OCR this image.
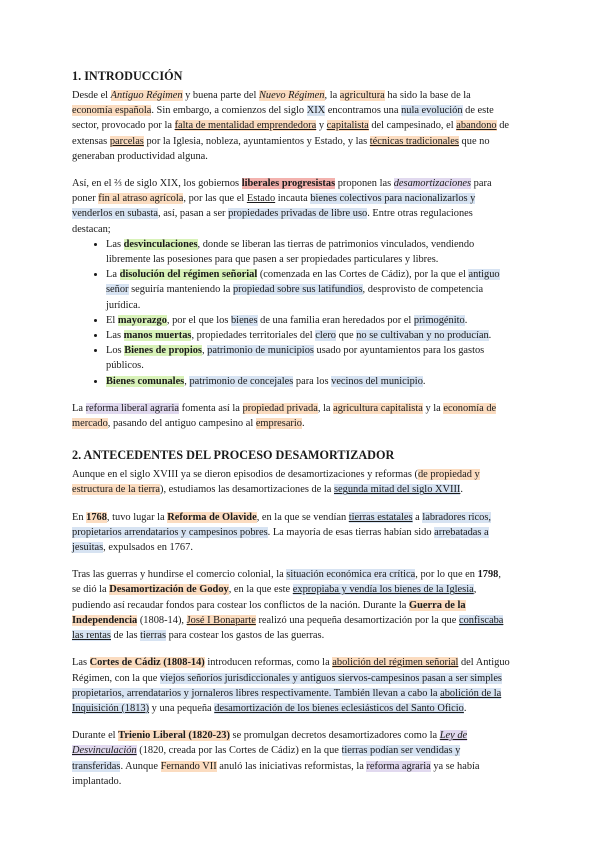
1. INTRODUCCIÓN

Desde el Antiguo Régimen y buena parte del Nuevo Régimen, la agricultura ha sido la base de la economía española. Sin embargo, a comienzos del siglo XIX encontramos una nula evolución de este sector, provocado por la falta de mentalidad emprendedora y capitalista del campesinado, el abandono de extensas parcelas por la Iglesia, nobleza, ayuntamientos y Estado, y las técnicas tradicionales que no generaban productividad alguna.

Así, en el ⅔ de siglo XIX, los gobiernos liberales progresistas proponen las desamortizaciones para poner fin al atraso agrícola, por las que el Estado incauta bienes colectivos para nacionalizarlos y venderlos en subasta, así, pasan a ser propiedades privadas de libre uso. Entre otras regulaciones destacan;

• Las desvinculaciones, donde se liberan las tierras de patrimonios vinculados, vendiendo libremente las posesiones para que pasen a ser propiedades particulares y libres.
• La disolución del régimen señorial (comenzada en las Cortes de Cádiz), por la que el antiguo señor seguiría manteniendo la propiedad sobre sus latifundios, desprovisto de competencia jurídica.
• El mayorazgo, por el que los bienes de una familia eran heredados por el primogénito.
• Las manos muertas, propiedades territoriales del clero que no se cultivaban y no producían.
• Los Bienes de propios, patrimonio de municipios usado por ayuntamientos para los gastos públicos.
• Bienes comunales, patrimonio de concejales para los vecinos del municipio.

La reforma liberal agraria fomenta así la propiedad privada, la agricultura capitalista y la economía de mercado, pasando del antiguo campesino al empresario.

2. ANTECEDENTES DEL PROCESO DESAMORTIZADOR

Aunque en el siglo XVIII ya se dieron episodios de desamortizaciones y reformas (de propiedad y estructura de la tierra), estudiamos las desamortizaciones de la segunda mitad del siglo XVIII.

En 1768, tuvo lugar la Reforma de Olavide, en la que se vendían tierras estatales a labradores ricos, propietarios arrendatarios y campesinos pobres. La mayoría de esas tierras habían sido arrebatadas a jesuitas, expulsados en 1767.

Tras las guerras y hundirse el comercio colonial, la situación económica era crítica, por lo que en 1798, se dió la Desamortización de Godoy, en la que este expropiaba y vendía los bienes de la Iglesia, pudiendo así recaudar fondos para costear los conflictos de la nación. Durante la Guerra de la Independencia (1808-14), José I Bonaparte realizó una pequeña desamortización por la que confiscaba las rentas de las tierras para costear los gastos de las guerras.

Las Cortes de Cádiz (1808-14) introducen reformas, como la abolición del régimen señorial del Antiguo Régimen, con la que viejos señoríos jurisdiccionales y antiguos siervos-campesinos pasan a ser simples propietarios, arrendatarios y jornaleros libres respectivamente. También llevan a cabo la abolición de la Inquisición (1813) y una pequeña desamortización de los bienes eclesiásticos del Santo Oficio.

Durante el Trienio Liberal (1820-23) se promulgan decretos desamortizadores como la Ley de Desvinculación (1820, creada por las Cortes de Cádiz) en la que tierras podían ser vendidas y transferidas. Aunque Fernando VII anuló las iniciativas reformistas, la reforma agraria ya se había implantado.
